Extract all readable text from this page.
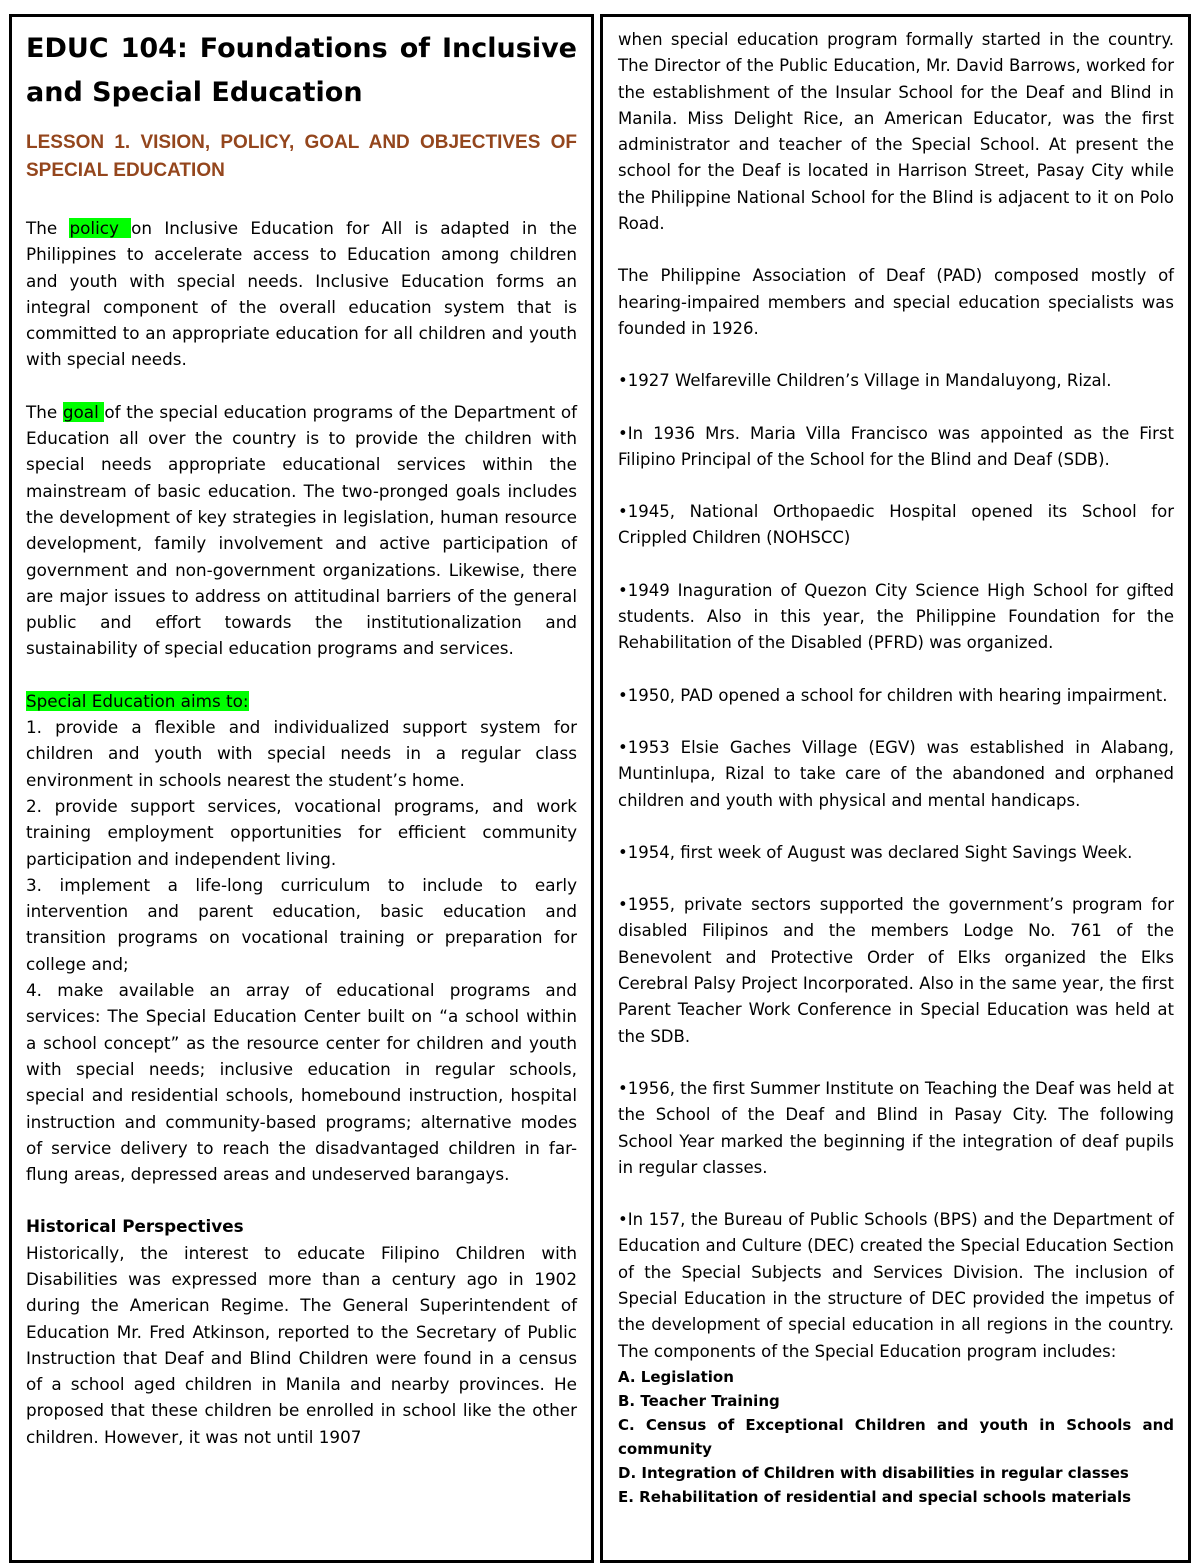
EDUC 104: Foundations of Inclusive and Special Education
LESSON 1. VISION, POLICY, GOAL AND OBJECTIVES OF SPECIAL EDUCATION

The policy on Inclusive Education for All is adapted in the Philippines to accelerate access to Education among children and youth with special needs. Inclusive Education forms an integral component of the overall education system that is committed to an appropriate education for all children and youth with special needs.

The goal of the special education programs of the Department of Education all over the country is to provide the children with special needs appropriate educational services within the mainstream of basic education. The two-pronged goals includes the development of key strategies in legislation, human resource development, family involvement and active participation of government and non-government organizations. Likewise, there are major issues to address on attitudinal barriers of the general public and effort towards the institutionalization and sustainability of special education programs and services.

Special Education aims to:

1. provide a flexible and individualized support system for children and youth with special needs in a regular class environment in schools nearest the student’s home.

2. provide support services, vocational programs, and work training employment opportunities for efficient community participation and independent living.

3. implement a life-long curriculum to include to early intervention and parent education, basic education and transition programs on vocational training or preparation for college and;

4. make available an array of educational programs and services: The Special Education Center built on “a school within a school concept” as the resource center for children and youth with special needs; inclusive education in regular schools, special and residential schools, homebound instruction, hospital instruction and community-based programs; alternative modes of service delivery to reach the disadvantaged children in far-flung areas, depressed areas and undeserved barangays.

Historical Perspectives

Historically, the interest to educate Filipino Children with Disabilities was expressed more than a century ago in 1902 during the American Regime. The General Superintendent of Education Mr. Fred Atkinson, reported to the Secretary of Public Instruction that Deaf and Blind Children were found in a census of a school aged children in Manila and nearby provinces. He proposed that these children be enrolled in school like the other children. However, it was not until 1907

when special education program formally started in the country. The Director of the Public Education, Mr. David Barrows, worked for the establishment of the Insular School for the Deaf and Blind in Manila. Miss Delight Rice, an American Educator, was the first administrator and teacher of the Special School. At present the school for the Deaf is located in Harrison Street, Pasay City while the Philippine National School for the Blind is adjacent to it on Polo Road.

The Philippine Association of Deaf (PAD) composed mostly of hearing-impaired members and special education specialists was founded in 1926.

•1927 Welfareville Children’s Village in Mandaluyong, Rizal.

•In 1936 Mrs. Maria Villa Francisco was appointed as the First Filipino Principal of the School for the Blind and Deaf (SDB).

•1945, National Orthopaedic Hospital opened its School for Crippled Children (NOHSCC)

•1949 Inaguration of Quezon City Science High School for gifted students. Also in this year, the Philippine Foundation for the Rehabilitation of the Disabled (PFRD) was organized.

•1950, PAD opened a school for children with hearing impairment.

•1953 Elsie Gaches Village (EGV) was established in Alabang, Muntinlupa, Rizal to take care of the abandoned and orphaned children and youth with physical and mental handicaps.

•1954, first week of August was declared Sight Savings Week.

•1955, private sectors supported the government’s program for disabled Filipinos and the members Lodge No. 761 of the Benevolent and Protective Order of Elks organized the Elks Cerebral Palsy Project Incorporated. Also in the same year, the first Parent Teacher Work Conference in Special Education was held at the SDB.

•1956, the first Summer Institute on Teaching the Deaf was held at the School of the Deaf and Blind in Pasay City. The following School Year marked the beginning if the integration of deaf pupils in regular classes.

•In 157, the Bureau of Public Schools (BPS) and the Department of Education and Culture (DEC) created the Special Education Section of the Special Subjects and Services Division. The inclusion of Special Education in the structure of DEC provided the impetus of the development of special education in all regions in the country. The components of the Special Education program includes:

A. Legislation

B. Teacher Training

C. Census of Exceptional Children and youth in Schools and community

D. Integration of Children with disabilities in regular classes

E. Rehabilitation of residential and special schools materials
